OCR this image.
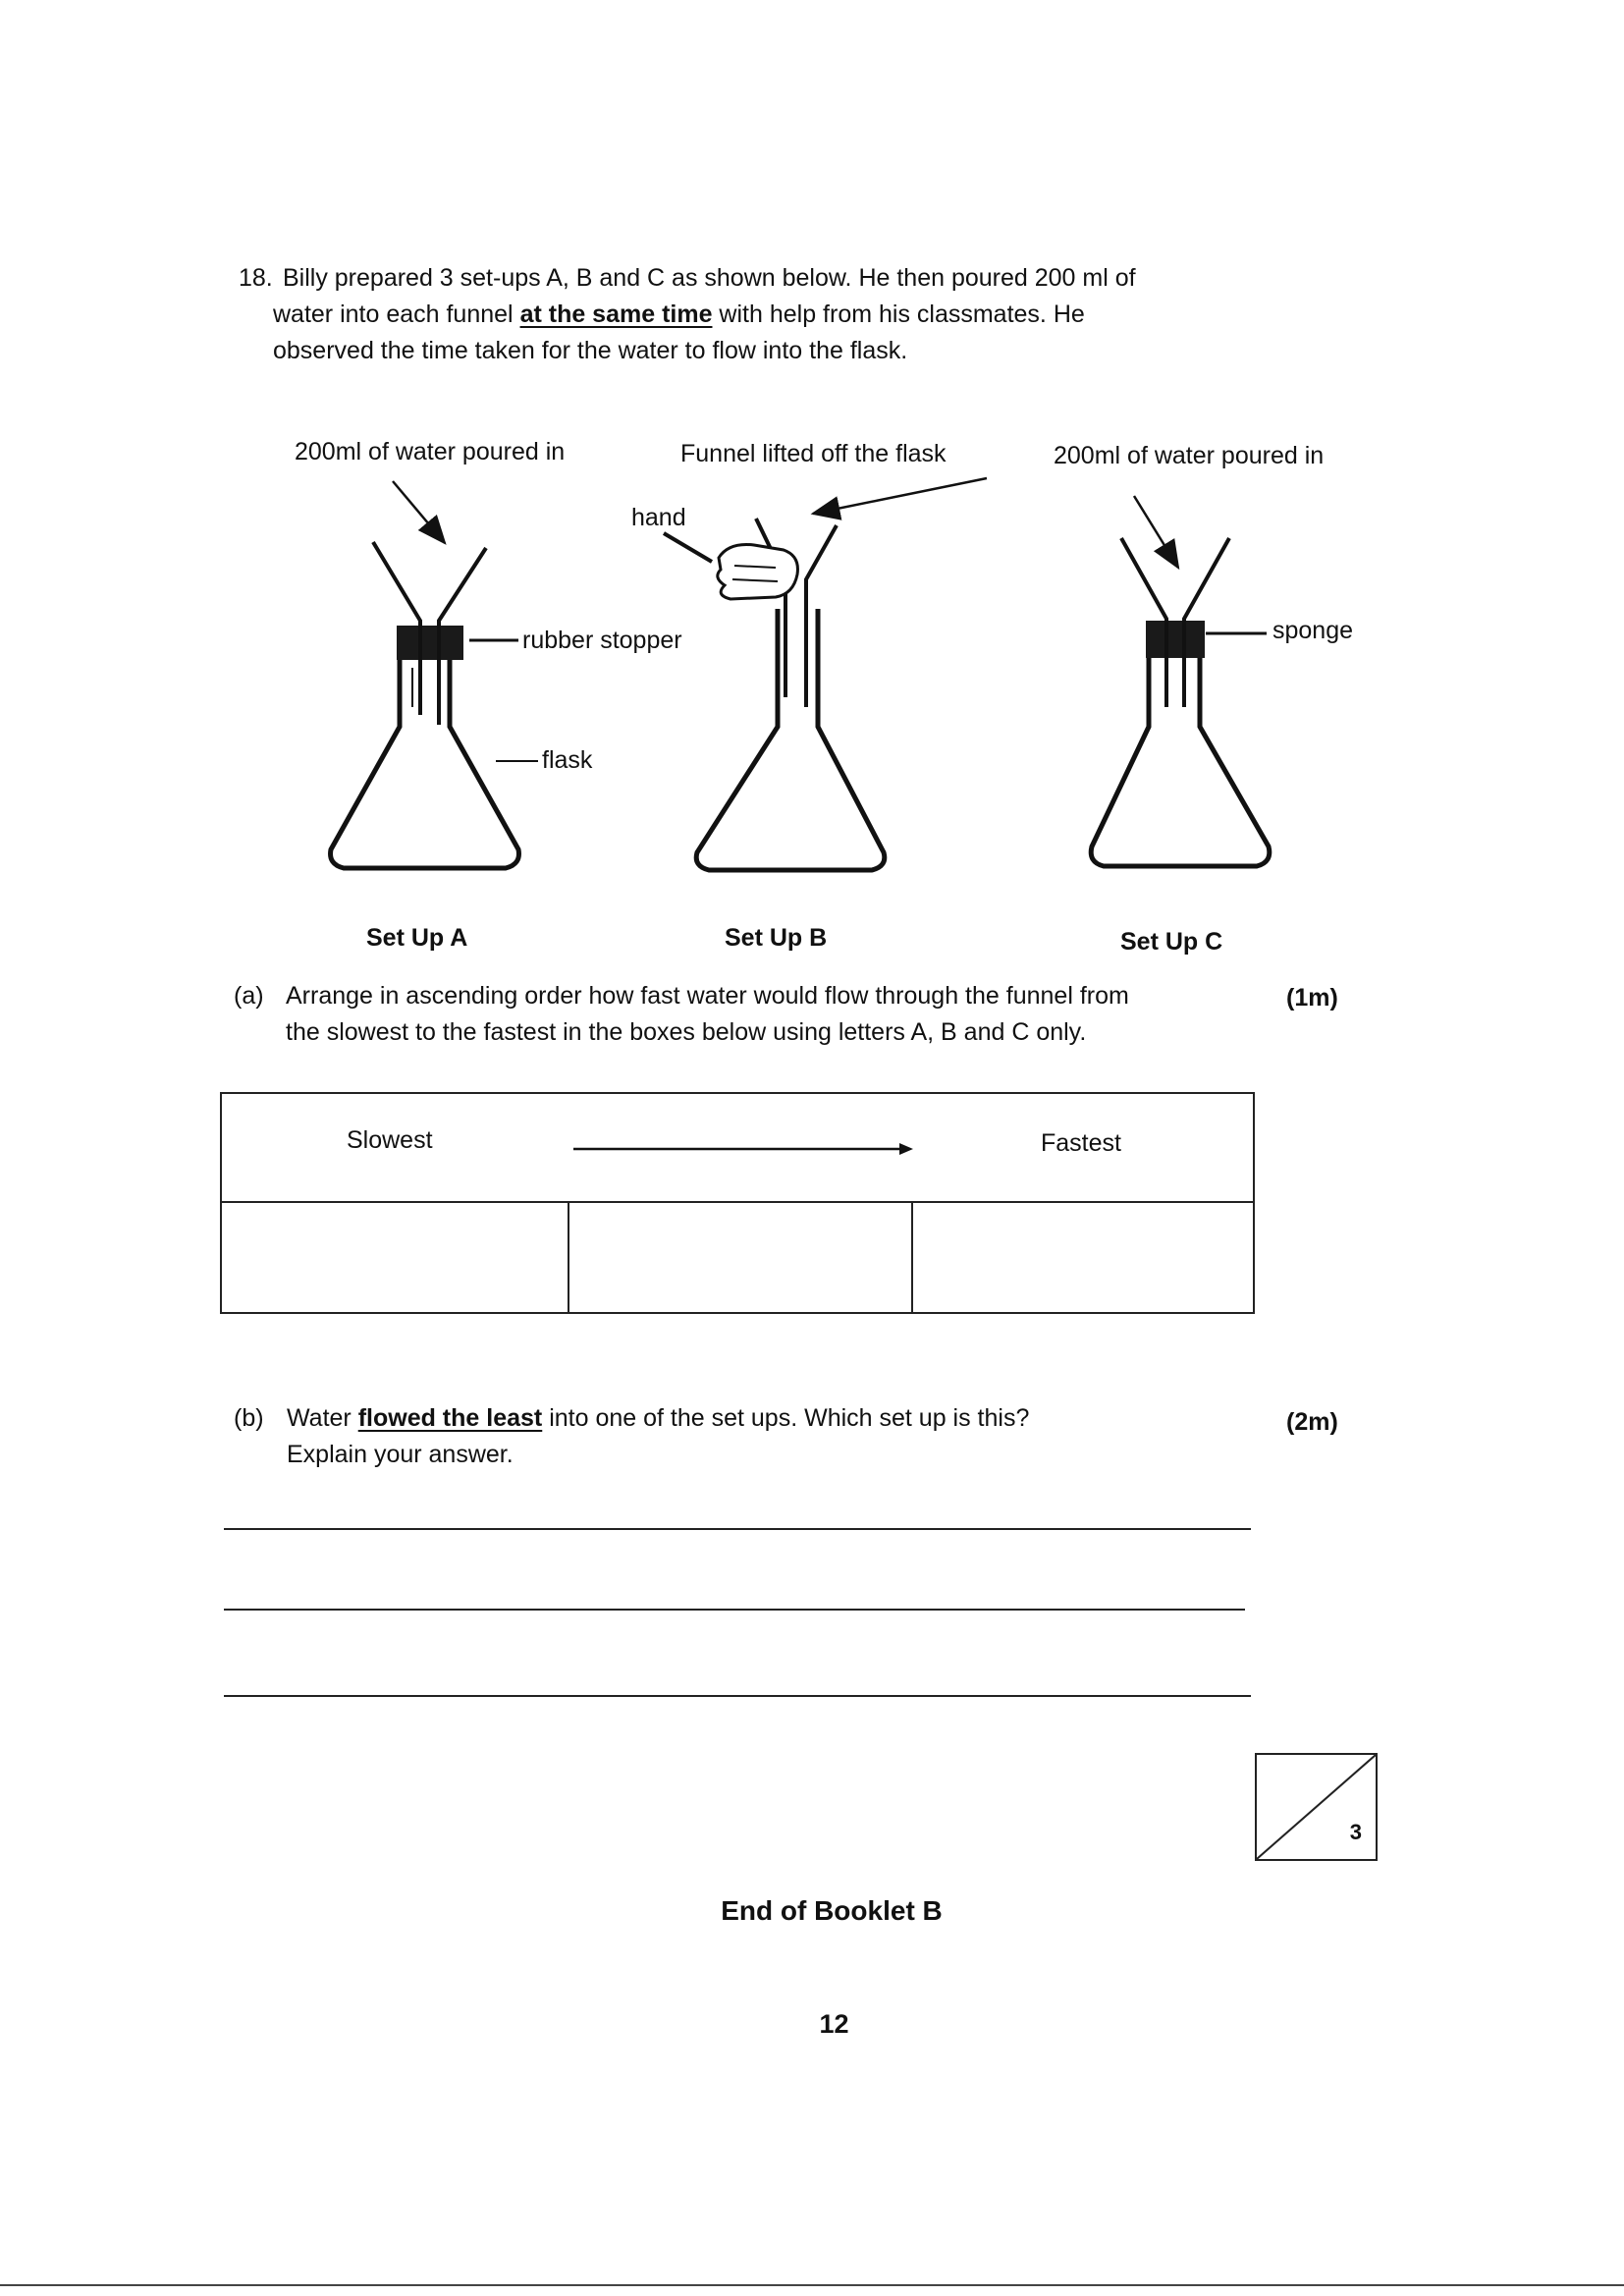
18. Billy prepared 3 set-ups A, B and C as shown below. He then poured 200 ml of
water into each funnel at the same time with help from his classmates. He
observed the time taken for the water to flow into the flask.
200ml of water poured in	Funnel lifted off the flask	200ml of water poured in
hand
rubber stopper
flask
sponge
Set Up A	Set Up B	Set Up C
(a) Arrange in ascending order how fast water would flow through the funnel from
the slowest to the fastest in the boxes below using letters A, B and C only.
(1m)
Slowest	Fastest
(b) Water flowed the least into one of the set ups. Which set up is this?
Explain your answer.
(2m)
3
End of Booklet B
12
